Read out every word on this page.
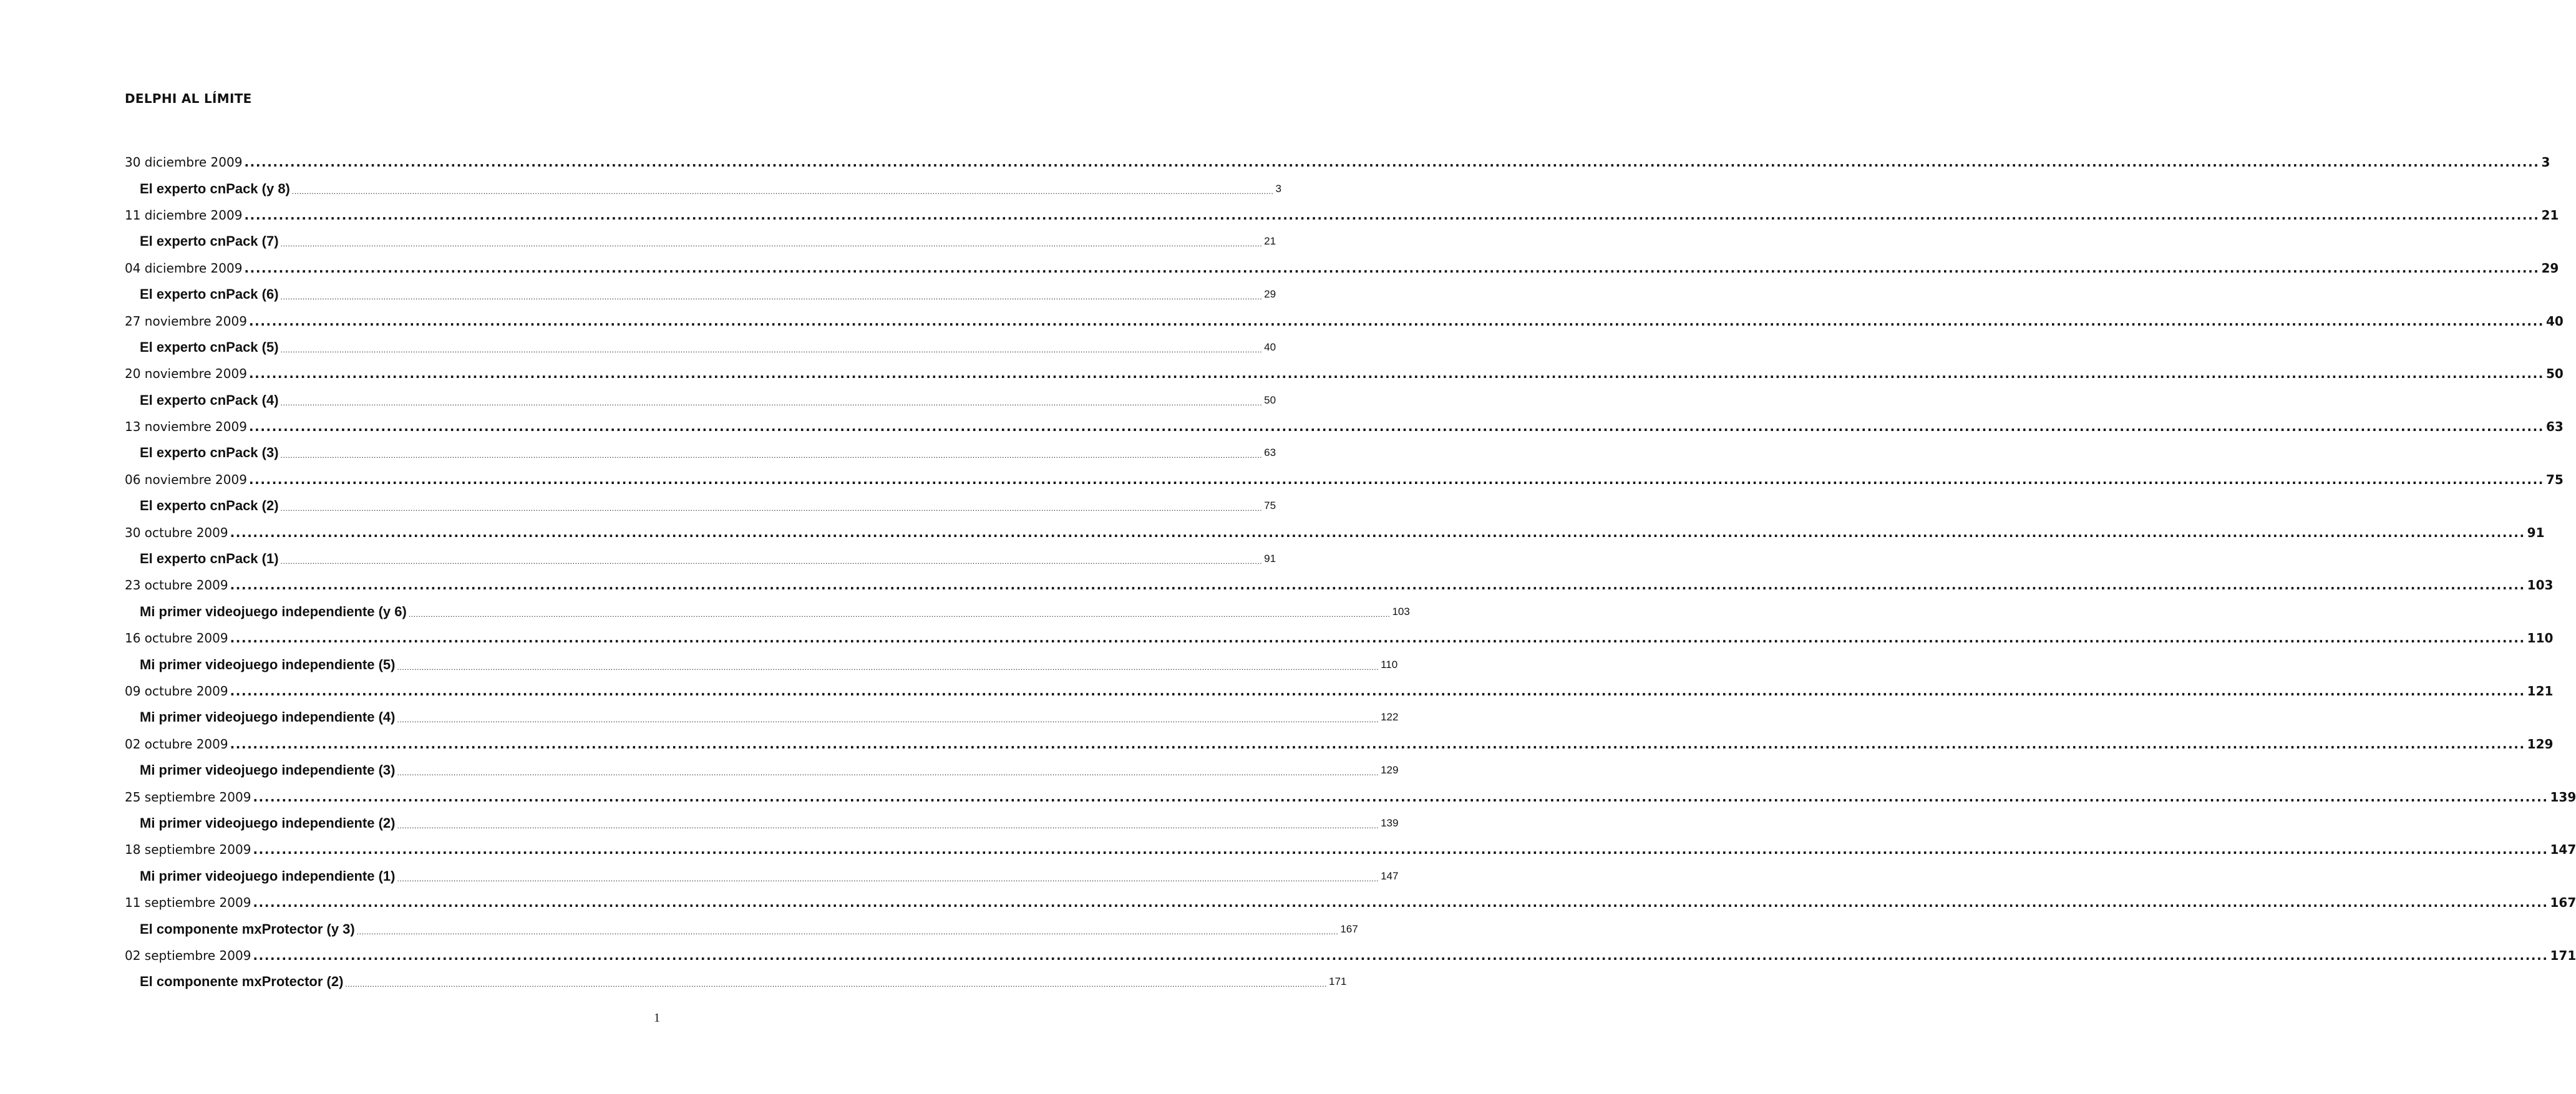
DELPHI AL LÍMITE
30 diciembre 2009 ................................................................................................................................................................................................................................................................................................................................................................................................................ 3
El experto cnPack (y 8) ................................................................................................................................................................................................................................................................................................................................................................................................................ 3
11 diciembre 2009 ................................................................................................................................................................................................................................................................................................................................................................................................................ 21
El experto cnPack (7) ................................................................................................................................................................................................................................................................................................................................................................................................................ 21
04 diciembre 2009 ................................................................................................................................................................................................................................................................................................................................................................................................................ 29
El experto cnPack (6) ................................................................................................................................................................................................................................................................................................................................................................................................................ 29
27 noviembre 2009 ................................................................................................................................................................................................................................................................................................................................................................................................................ 40
El experto cnPack (5) ................................................................................................................................................................................................................................................................................................................................................................................................................ 40
20 noviembre 2009 ................................................................................................................................................................................................................................................................................................................................................................................................................ 50
El experto cnPack (4) ................................................................................................................................................................................................................................................................................................................................................................................................................ 50
13 noviembre 2009 ................................................................................................................................................................................................................................................................................................................................................................................................................ 63
El experto cnPack (3) ................................................................................................................................................................................................................................................................................................................................................................................................................ 63
06 noviembre 2009 ................................................................................................................................................................................................................................................................................................................................................................................................................ 75
El experto cnPack (2) ................................................................................................................................................................................................................................................................................................................................................................................................................ 75
30 octubre 2009 ................................................................................................................................................................................................................................................................................................................................................................................................................ 91
El experto cnPack (1) ................................................................................................................................................................................................................................................................................................................................................................................................................ 91
23 octubre 2009 ................................................................................................................................................................................................................................................................................................................................................................................................................ 103
Mi primer videojuego independiente (y 6) ................................................................................................................................................................................................................................................................................................................................................................................................................ 103
16 octubre 2009 ................................................................................................................................................................................................................................................................................................................................................................................................................ 110
Mi primer videojuego independiente (5) ................................................................................................................................................................................................................................................................................................................................................................................................................ 110
09 octubre 2009 ................................................................................................................................................................................................................................................................................................................................................................................................................ 121
Mi primer videojuego independiente (4) ................................................................................................................................................................................................................................................................................................................................................................................................................ 122
02 octubre 2009 ................................................................................................................................................................................................................................................................................................................................................................................................................ 129
Mi primer videojuego independiente (3) ................................................................................................................................................................................................................................................................................................................................................................................................................ 129
25 septiembre 2009 ................................................................................................................................................................................................................................................................................................................................................................................................................ 139
Mi primer videojuego independiente (2) ................................................................................................................................................................................................................................................................................................................................................................................................................ 139
18 septiembre 2009 ................................................................................................................................................................................................................................................................................................................................................................................................................ 147
Mi primer videojuego independiente (1) ................................................................................................................................................................................................................................................................................................................................................................................................................ 147
11 septiembre 2009 ................................................................................................................................................................................................................................................................................................................................................................................................................ 167
El componente mxProtector (y 3) ................................................................................................................................................................................................................................................................................................................................................................................................................ 167
02 septiembre 2009 ................................................................................................................................................................................................................................................................................................................................................................................................................ 171
El componente mxProtector (2) ................................................................................................................................................................................................................................................................................................................................................................................................................ 171
1
